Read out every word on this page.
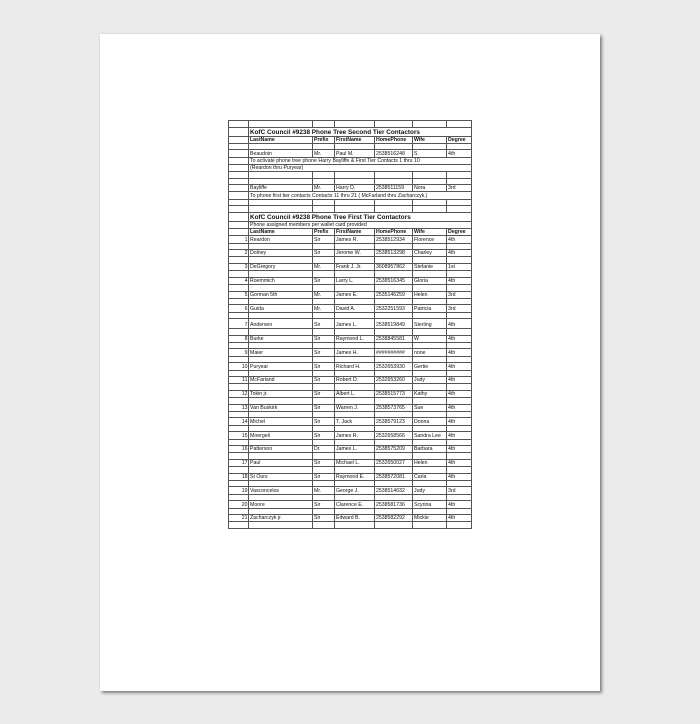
	KofC Council #9238 Phone Tree Second Tier Contactors					
	LastName	Prefix	FirstName	HomePhone	Wife	Degree

	Beaudoin	Mr.	Paul M.	2538516248	S	4th
	To activate phone tree phone Harry Bayliffe & First Tier Contacts 1 thru 10					
	(Reardon thru Puryear)					

	Bayliffe	Mr.	Harry D.	2538511159	Nora	3rd
	To phone first tier contacts Contacts 11 thru 21 ( McFarland thru Zacharczyk.)					

	KofC Council #9238 Phone Tree First Tier Contactors					
	Phone assigned members per wallet card provided					
	LastName	Prefix	FirstName	HomePhone	Wife	Degree
1	Reardon	Sir	James R.	2538512934	Florence	4th

2	Dolney	Sir	Jerome W.	2538513298	Charley	4th

3	DeGregory	Mr.	Frank J. Jr.	3608957862	Stefanie	1st

4	Roemmich	Sir	Larry L.	2538516345	Gloria	4th

5	Gorman 5th	Mr.	James E.	2535146259	Helen	3rd

6	Guida	Mr.	David A.	2532251593	Patricia	3rd

7	Andersen	Sir	James L.	2538519849	Sterling	4th

8	Burke	Sir	Raymond L.	2538845581	W	4th

9	Maier	Sir	James H.	##########	none	4th

10	Puryear	Sir	Richard H.	2532653930	Gertie	4th

11	McFarland	Sir	Robert D.	2532653260	Judy	4th

12	Tokin jr.	Sir	Albert L.	2538515773	Kathy	4th

13	Van Buskirk	Sir	Warren J.	2538573765	Sue	4th

14	Michel	Sir	T. Jack	2538579123	Donna	4th

15	Moergeli	Sir	James R.	2532658566	Sandra Lee	4th

16	Patterson	Dr.	James L.	2538575209	Barbara	4th

17	Paul	Sir	Michael L.	2532650027	Helen	4th

18	St Ours	Sir	Raymond E.	2538572081	Carla	4th

19	Vasconcelos	Mr.	George J.	2538514632	Judy	3rd

20	Moore	Sir	Clarence E.	2538581736	Scyrina	4th

21	Zacharczyk jr.	Sir	Edward B.	2538582292	Mickie	4th
